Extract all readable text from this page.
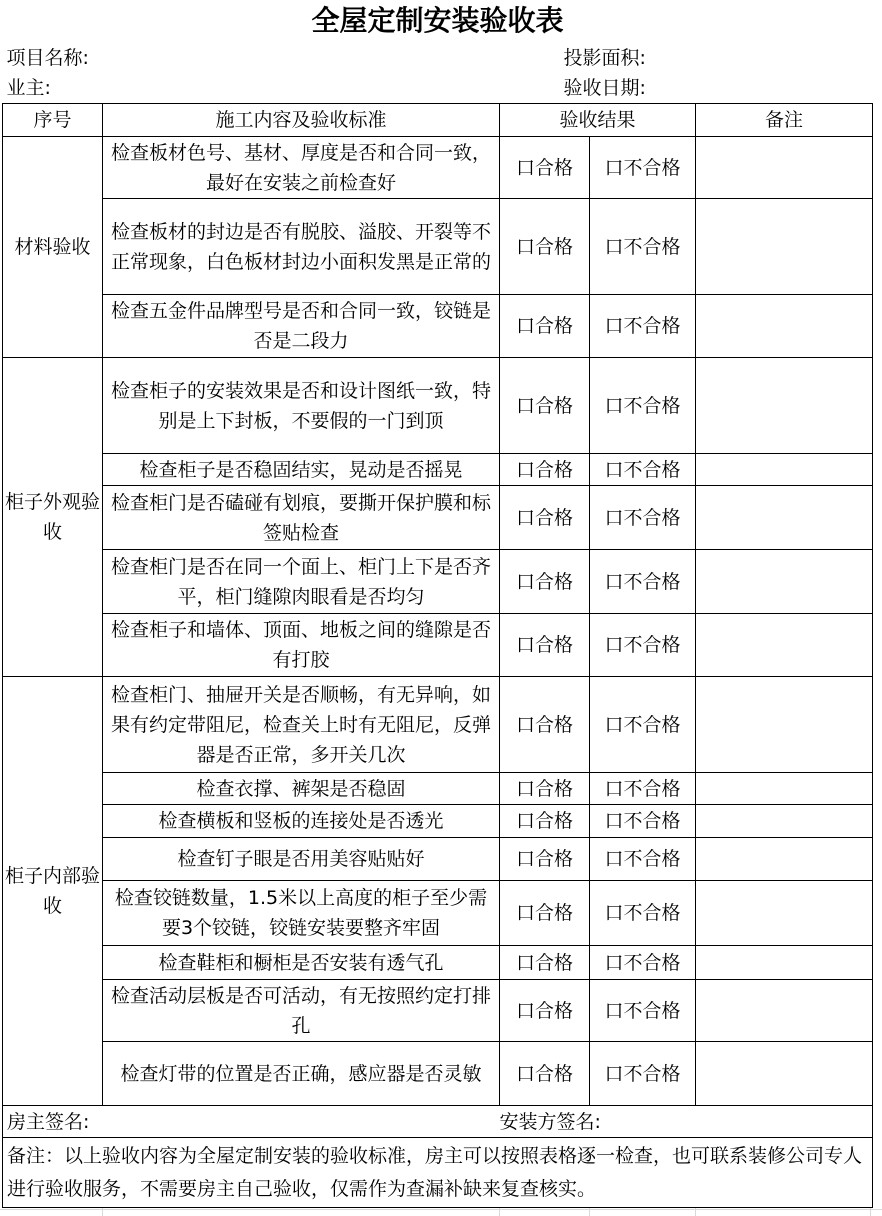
全屋定制安装验收表				
项目名称:		投影面积:		
业主:		验收日期:		
序号	施工内容及验收标准	验收结果		备注
材料验收	检查板材色号、基材、厚度是否和合同一致，最好在安装之前检查好	口合格	口不合格	
	检查板材的封边是否有脱胶、溢胶、开裂等不正常现象，白色板材封边小面积发黑是正常的	口合格	口不合格	
	检查五金件品牌型号是否和合同一致，铰链是否是二段力	口合格	口不合格	
柜子外观验收	检查柜子的安装效果是否和设计图纸一致，特别是上下封板，不要假的一门到顶	口合格	口不合格	
	检查柜子是否稳固结实，晃动是否摇晃	口合格	口不合格	
	检查柜门是否磕碰有划痕，要撕开保护膜和标签贴检查	口合格	口不合格	
	检查柜门是否在同一个面上、柜门上下是否齐平，柜门缝隙肉眼看是否均匀	口合格	口不合格	
	检查柜子和墙体、顶面、地板之间的缝隙是否有打胶	口合格	口不合格	
柜子内部验收	检查柜门、抽屉开关是否顺畅，有无异响，如果有约定带阻尼，检查关上时有无阻尼，反弹器是否正常，多开关几次	口合格	口不合格	
	检查衣撑、裤架是否稳固	口合格	口不合格	
	检查横板和竖板的连接处是否透光	口合格	口不合格	
	检查钉子眼是否用美容贴贴好	口合格	口不合格	
	检查铰链数量，1.5米以上高度的柜子至少需要3个铰链，铰链安装要整齐牢固	口合格	口不合格	
	检查鞋柜和橱柜是否安装有透气孔	口合格	口不合格	
	检查活动层板是否可活动，有无按照约定打排孔	口合格	口不合格	
	检查灯带的位置是否正确，感应器是否灵敏	口合格	口不合格	
房主签名:		安装方签名:		
备注：以上验收内容为全屋定制安装的验收标准，房主可以按照表格逐一检查，也可联系装修公司专人进行验收服务，不需要房主自己验收，仅需作为查漏补缺来复查核实。				
